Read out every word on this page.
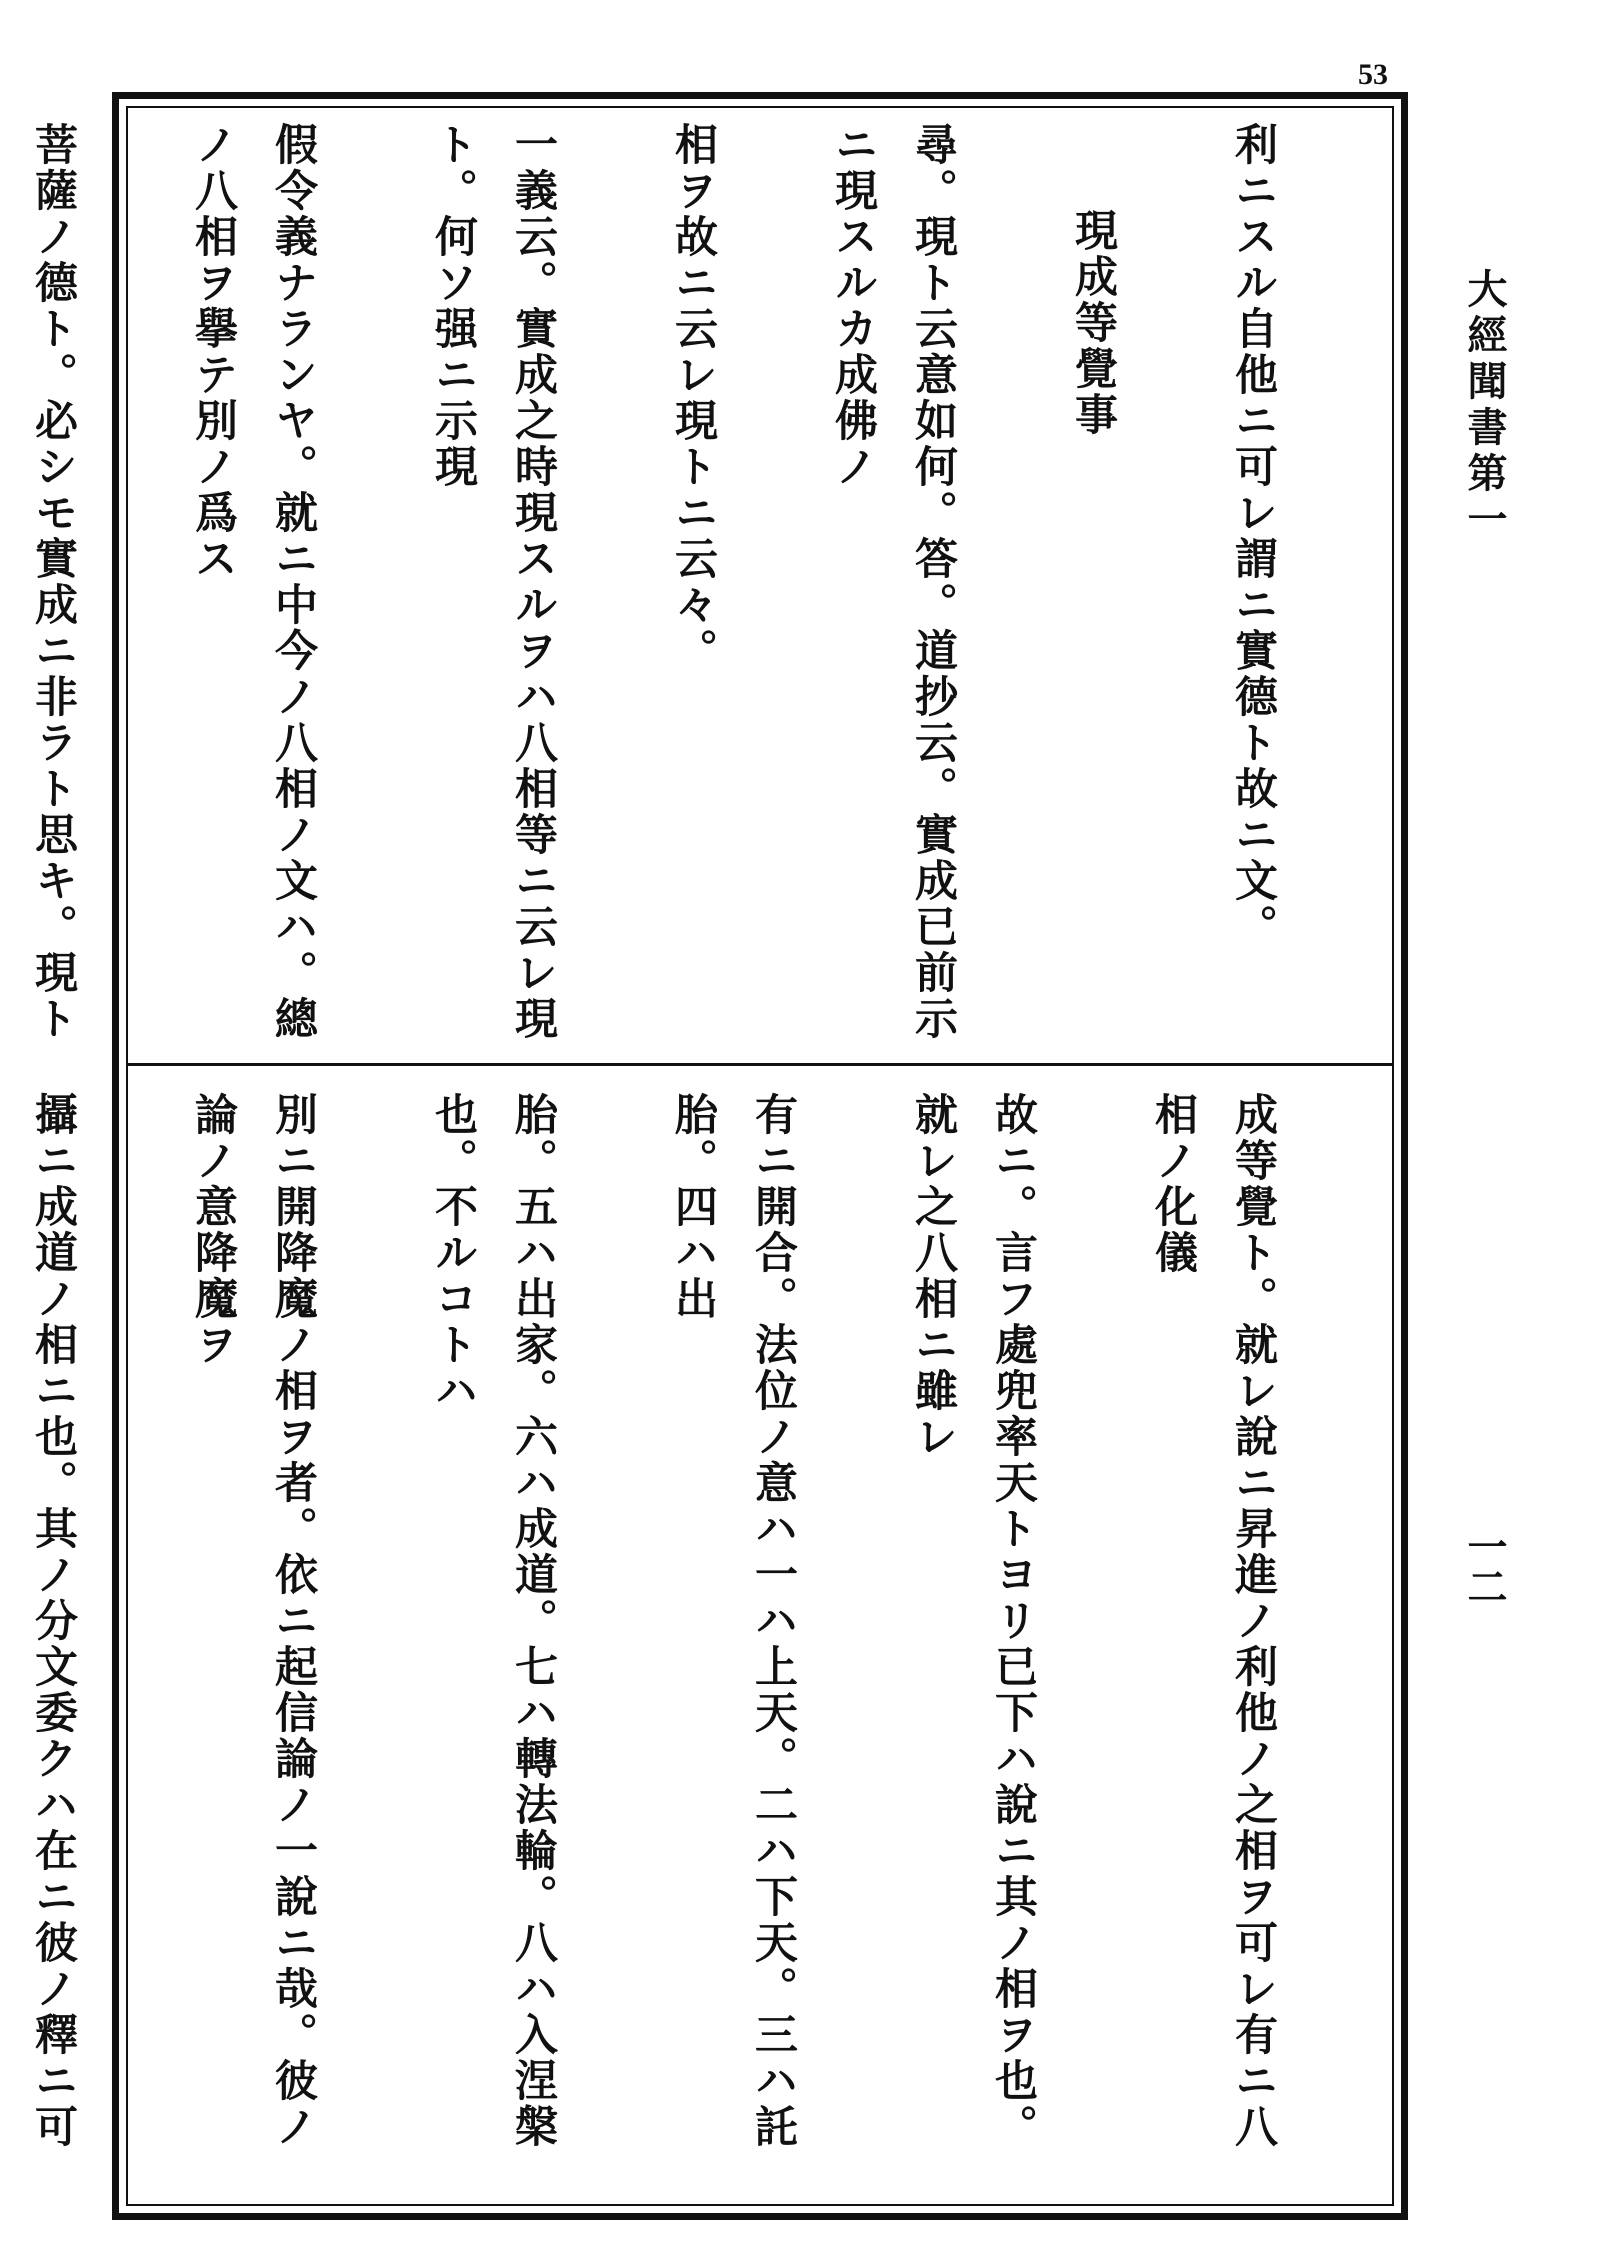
53
大經聞書第一
一二

利ニスル自他ニ可レ謂ニ實德ト故ニ文。

現成等覺事

尋。現ト云意如何。答。道抄云。實成已前示ニ現スルカ成佛ノ

相ヲ故ニ云レ現トニ云々。

一義云。實成之時現スルヲハ八相等ニ云レ現ト。何ソ强ニ示現

假令義ナランヤ。就ニ中今ノ八相ノ文ハ。總ノ八相ヲ擧テ別ノ爲ス

菩薩ノ德ト。必シモ實成ニ非ラト思キ。現ト

成等覺ト。就レ說ニ昇進ノ利他ノ之相ヲ可レ有ニ八相ノ化儀

故ニ。言フ處兜率天トヨリ已下ハ說ニ其ノ相ヲ也。就レ之八相ニ雖レ

有ニ開合。法位ノ意ハ一ハ上天。二ハ下天。三ハ託胎。四ハ出

胎。五ハ出家。六ハ成道。七ハ轉法輪。八ハ入涅槃也。不ルコトハ

別ニ開降魔ノ相ヲ者。依ニ起信論ノ一說ニ哉。彼ノ論ノ意降魔ヲ

攝ニ成道ノ相ニ也。其ノ分文委クハ在ニ彼ノ釋ニ可
